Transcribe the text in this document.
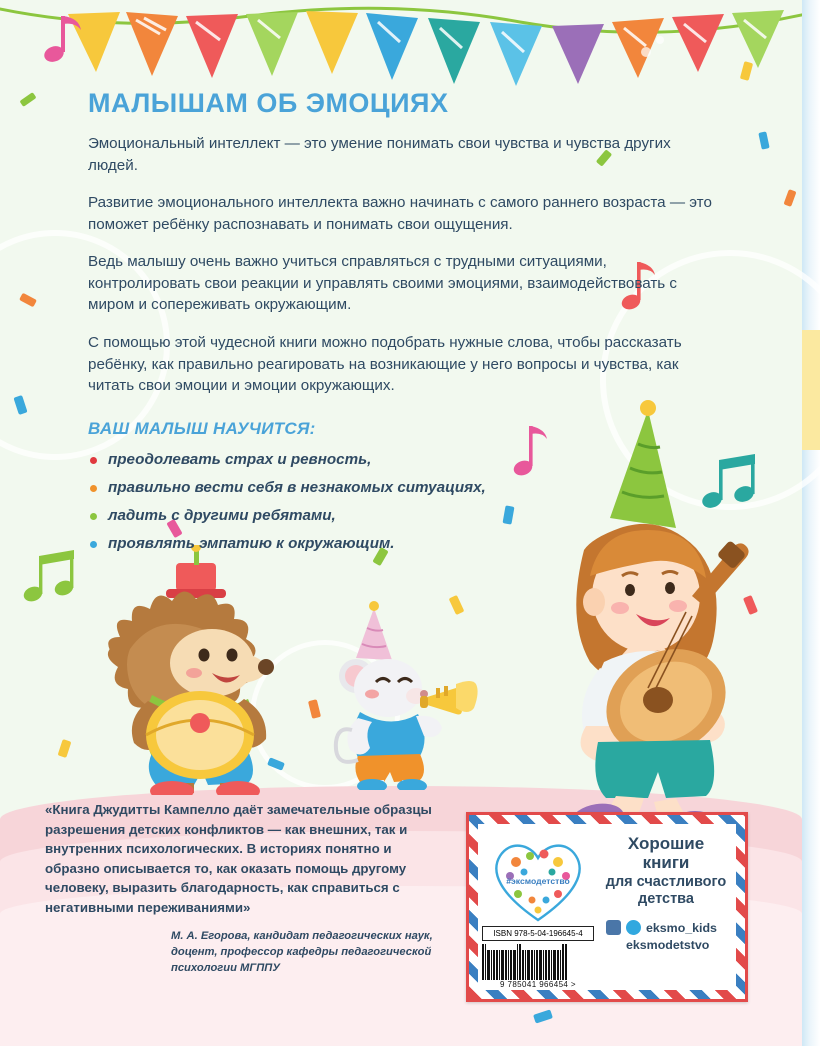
МАЛЫШАМ ОБ ЭМОЦИЯХ

Эмоциональный интеллект — это умение понимать свои чувства и чувства других людей.

Развитие эмоционального интеллекта важно начинать с самого раннего возраста — это поможет ребёнку распознавать и понимать свои ощущения.

Ведь малышу очень важно учиться справляться с трудными ситуациями, контролировать свои реакции и управлять своими эмоциями, взаимодействовать с миром и сопереживать окружающим.

С помощью этой чудесной книги можно подобрать нужные слова, чтобы рассказать ребёнку, как правильно реагировать на возникающие у него вопросы и чувства, как читать свои эмоции и эмоции окружающих.

ВАШ МАЛЫШ НАУЧИТСЯ:
преодолевать страх и ревность,
правильно вести себя в незнакомых ситуациях,
ладить с другими ребятами,
проявлять эмпатию к окружающим.

«Книга Джудитты Кампелло даёт замечательные образцы разрешения детских конфликтов — как внешних, так и внутренних психологических. В историях понятно и образно описывается то, как оказать помощь другому человеку, выразить благодарность, как справиться с негативными переживаниями»

М. А. Егорова, кандидат педагогических наук, доцент, профессор кафедры педагогической психологии МГППУ
#эксмодетство
ISBN 978-5-04-196645-4
9 785041 966454 >
Хорошие
книги
для счастливого
детства
eksmo_kids
eksmodetstvo
